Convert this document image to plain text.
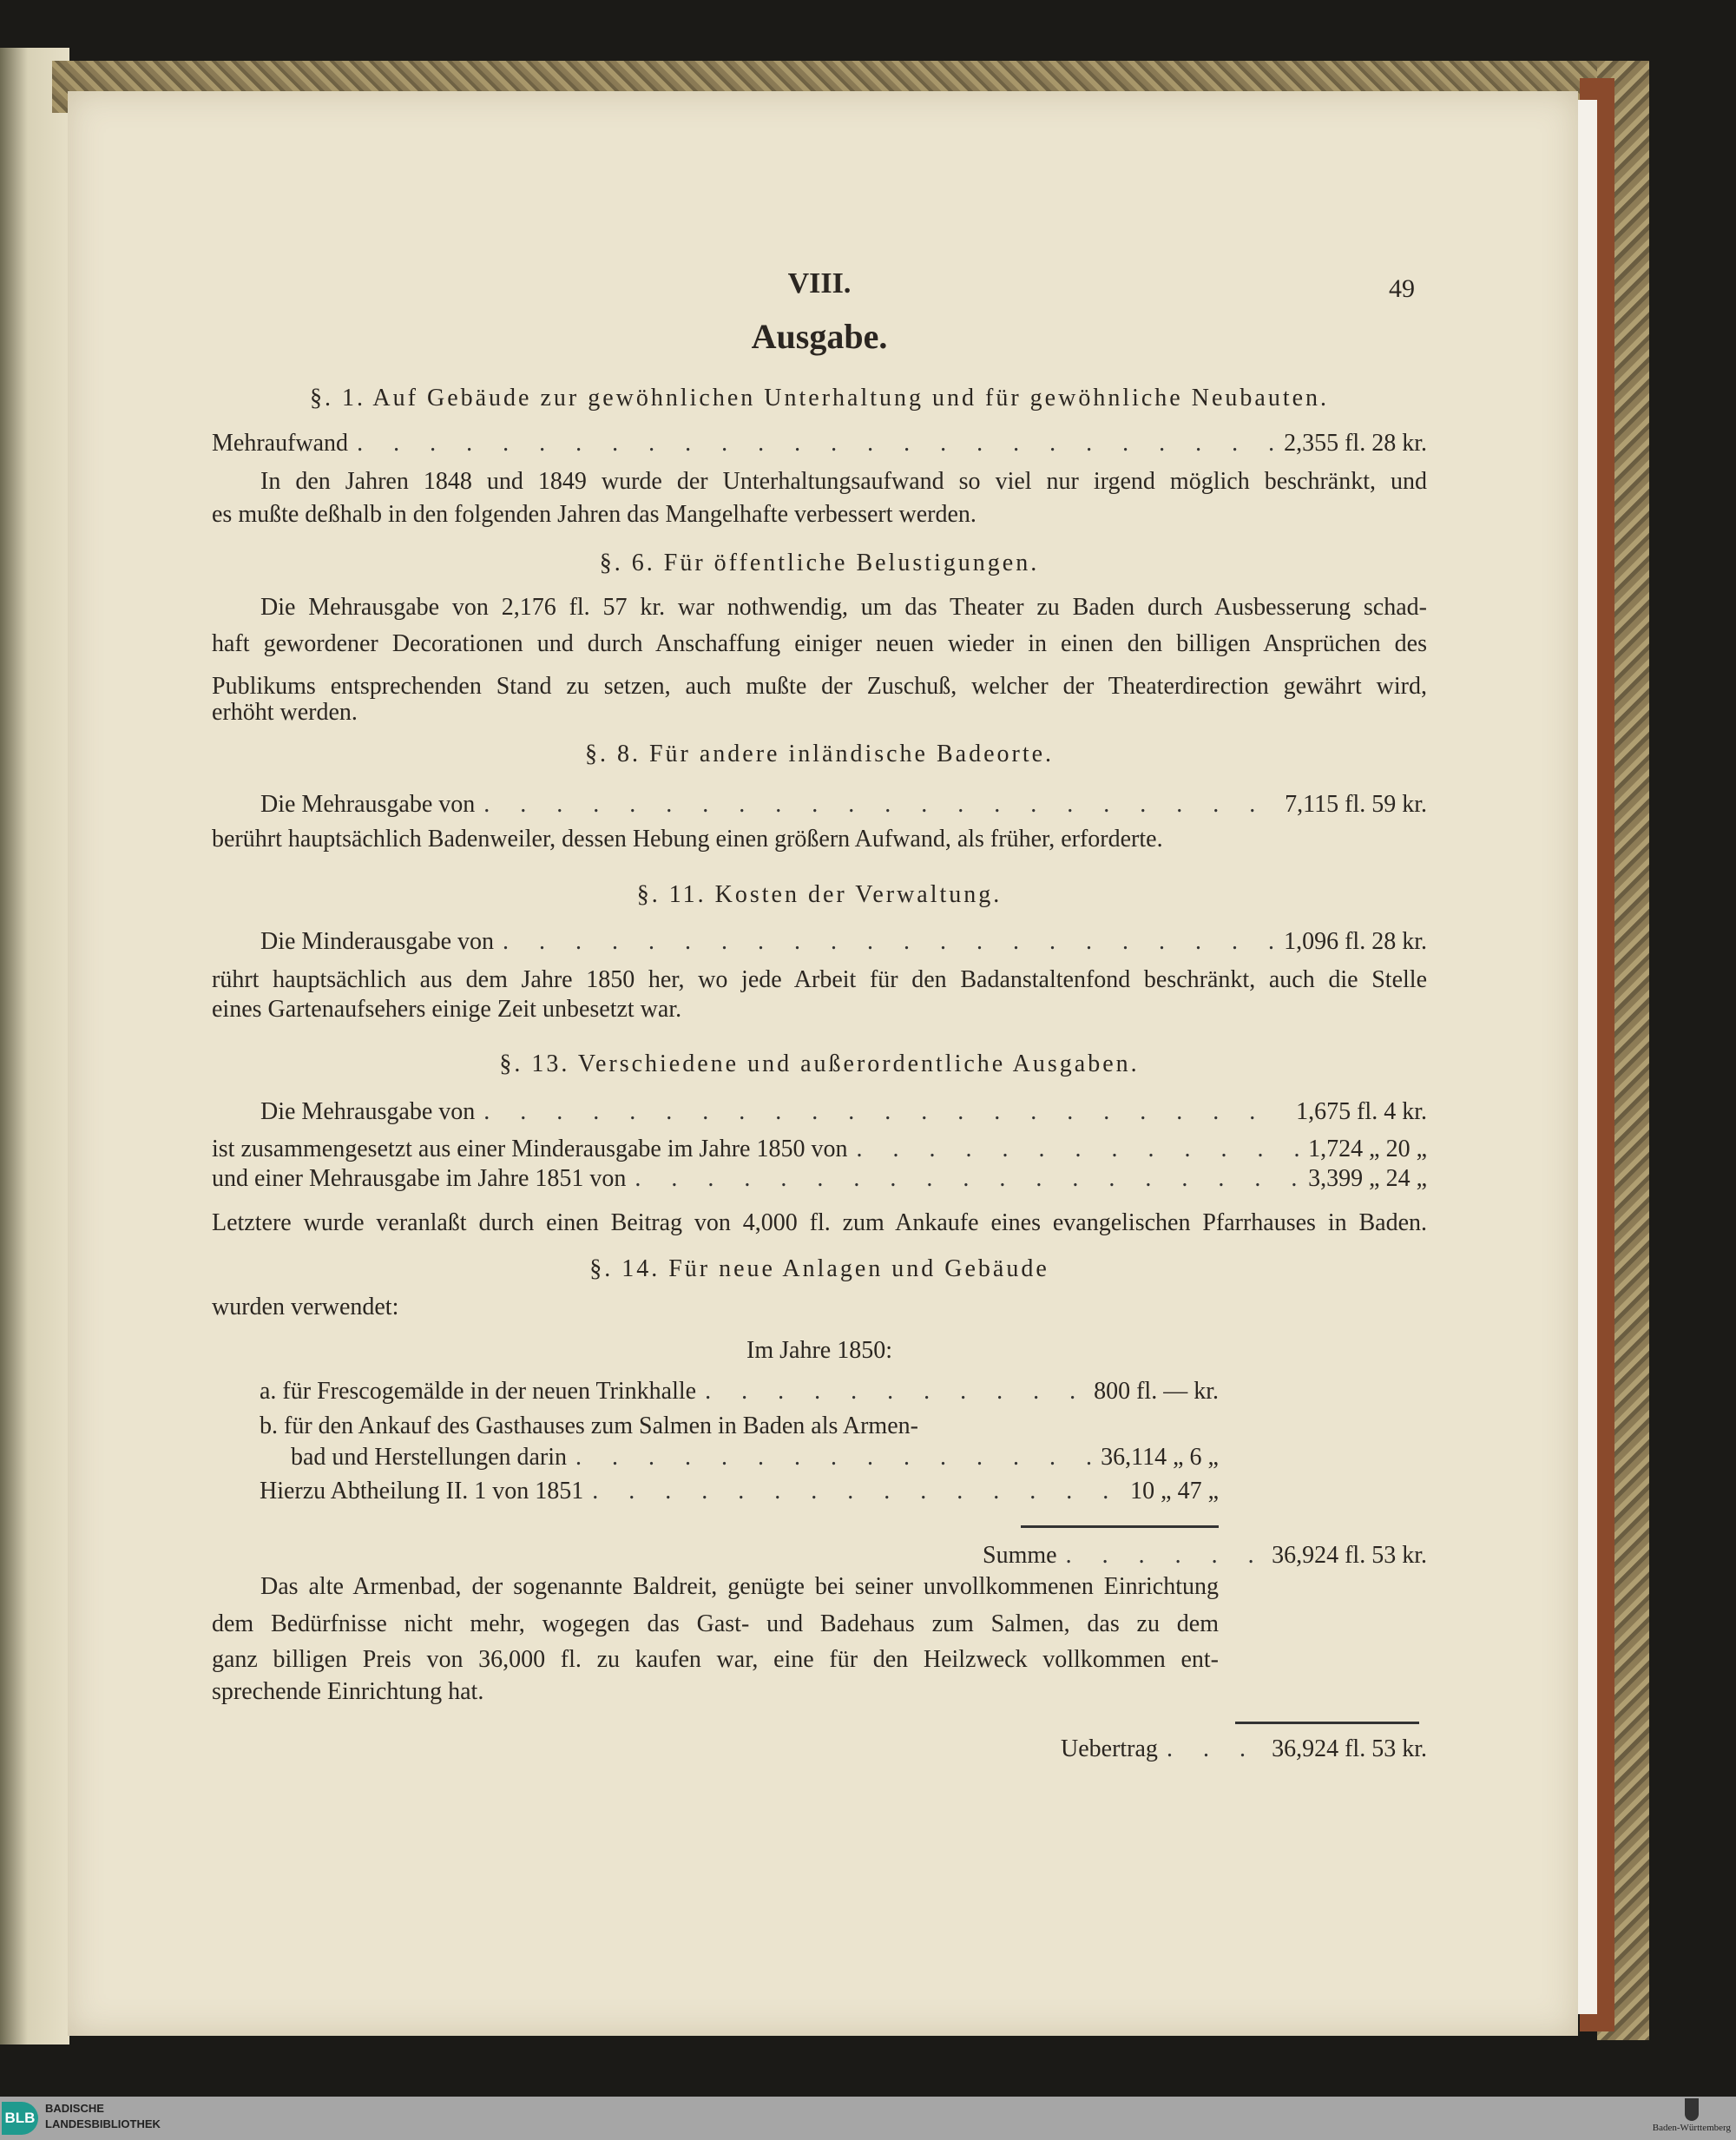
VIII.	49
Ausgabe.
§. 1. Auf Gebäude zur gewöhnlichen Unterhaltung und für gewöhnliche Neubauten.
Mehraufwand . . .	2,355 fl. 28 kr.
In den Jahren 1848 und 1849 wurde der Unterhaltungsaufwand so viel nur irgend möglich beschränkt, und
es mußte deßhalb in den folgenden Jahren das Mangelhafte verbessert werden.
§. 6. Für öffentliche Belustigungen.
Die Mehrausgabe von 2,176 fl. 57 kr. war nothwendig, um das Theater zu Baden durch Ausbesserung schad-
haft gewordener Decorationen und durch Anschaffung einiger neuen wieder in einen den billigen Ansprüchen des
Publikums entsprechenden Stand zu setzen, auch mußte der Zuschuß, welcher der Theaterdirection gewährt wird,
erhöht werden.
§. 8. Für andere inländische Badeorte.
Die Mehrausgabe von . . .	7,115 fl. 59 kr.
berührt hauptsächlich Badenweiler, dessen Hebung einen größern Aufwand, als früher, erforderte.
§. 11. Kosten der Verwaltung.
Die Minderausgabe von . . .	1,096 fl. 28 kr.
rührt hauptsächlich aus dem Jahre 1850 her, wo jede Arbeit für den Badanstaltenfond beschränkt, auch die Stelle
eines Gartenaufsehers einige Zeit unbesetzt war.
§. 13. Verschiedene und außerordentliche Ausgaben.
Die Mehrausgabe von . . .	1,675 fl. 4 kr.
ist zusammengesetzt aus einer Minderausgabe im Jahre 1850 von . . .	1,724 „ 20 „
und einer Mehrausgabe im Jahre 1851 von . . .	3,399 „ 24 „
Letztere wurde veranlaßt durch einen Beitrag von 4,000 fl. zum Ankaufe eines evangelischen Pfarrhauses in Baden.
§. 14. Für neue Anlagen und Gebäude
wurden verwendet:
Im Jahre 1850:
a. für Frescogemälde in der neuen Trinkhalle . . .	800 fl. — kr.
b. für den Ankauf des Gasthauses zum Salmen in Baden als Armen-
bad und Herstellungen darin . . .	36,114 „ 6 „
Hierzu Abtheilung II. 1 von 1851 . . .	10 „ 47 „
Summe . . .	36,924 fl. 53 kr.
Das alte Armenbad, der sogenannte Baldreit, genügte bei seiner unvollkommenen Einrichtung
dem Bedürfnisse nicht mehr, wogegen das Gast- und Badehaus zum Salmen, das zu dem
ganz billigen Preis von 36,000 fl. zu kaufen war, eine für den Heilzweck vollkommen ent-
sprechende Einrichtung hat.
Uebertrag . . .	36,924 fl. 53 kr.
BLB
BADISCHE
LANDESBIBLIOTHEK	Baden-Württemberg
